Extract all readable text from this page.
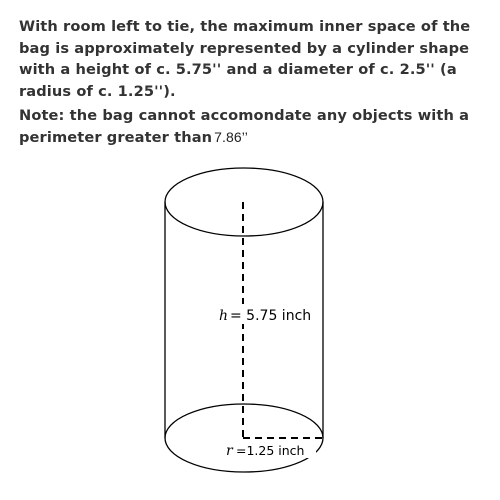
With room left to tie, the maximum inner space of the bag is approximately represented by a cylinder shape with a height of c. 5.75'' and a diameter of c. 2.5'' (a radius of c. 1.25'').

Note: the bag cannot accomondate any objects with a perimeter greater than 7.86’’

h = 5.75 inch
r =1.25 inch
